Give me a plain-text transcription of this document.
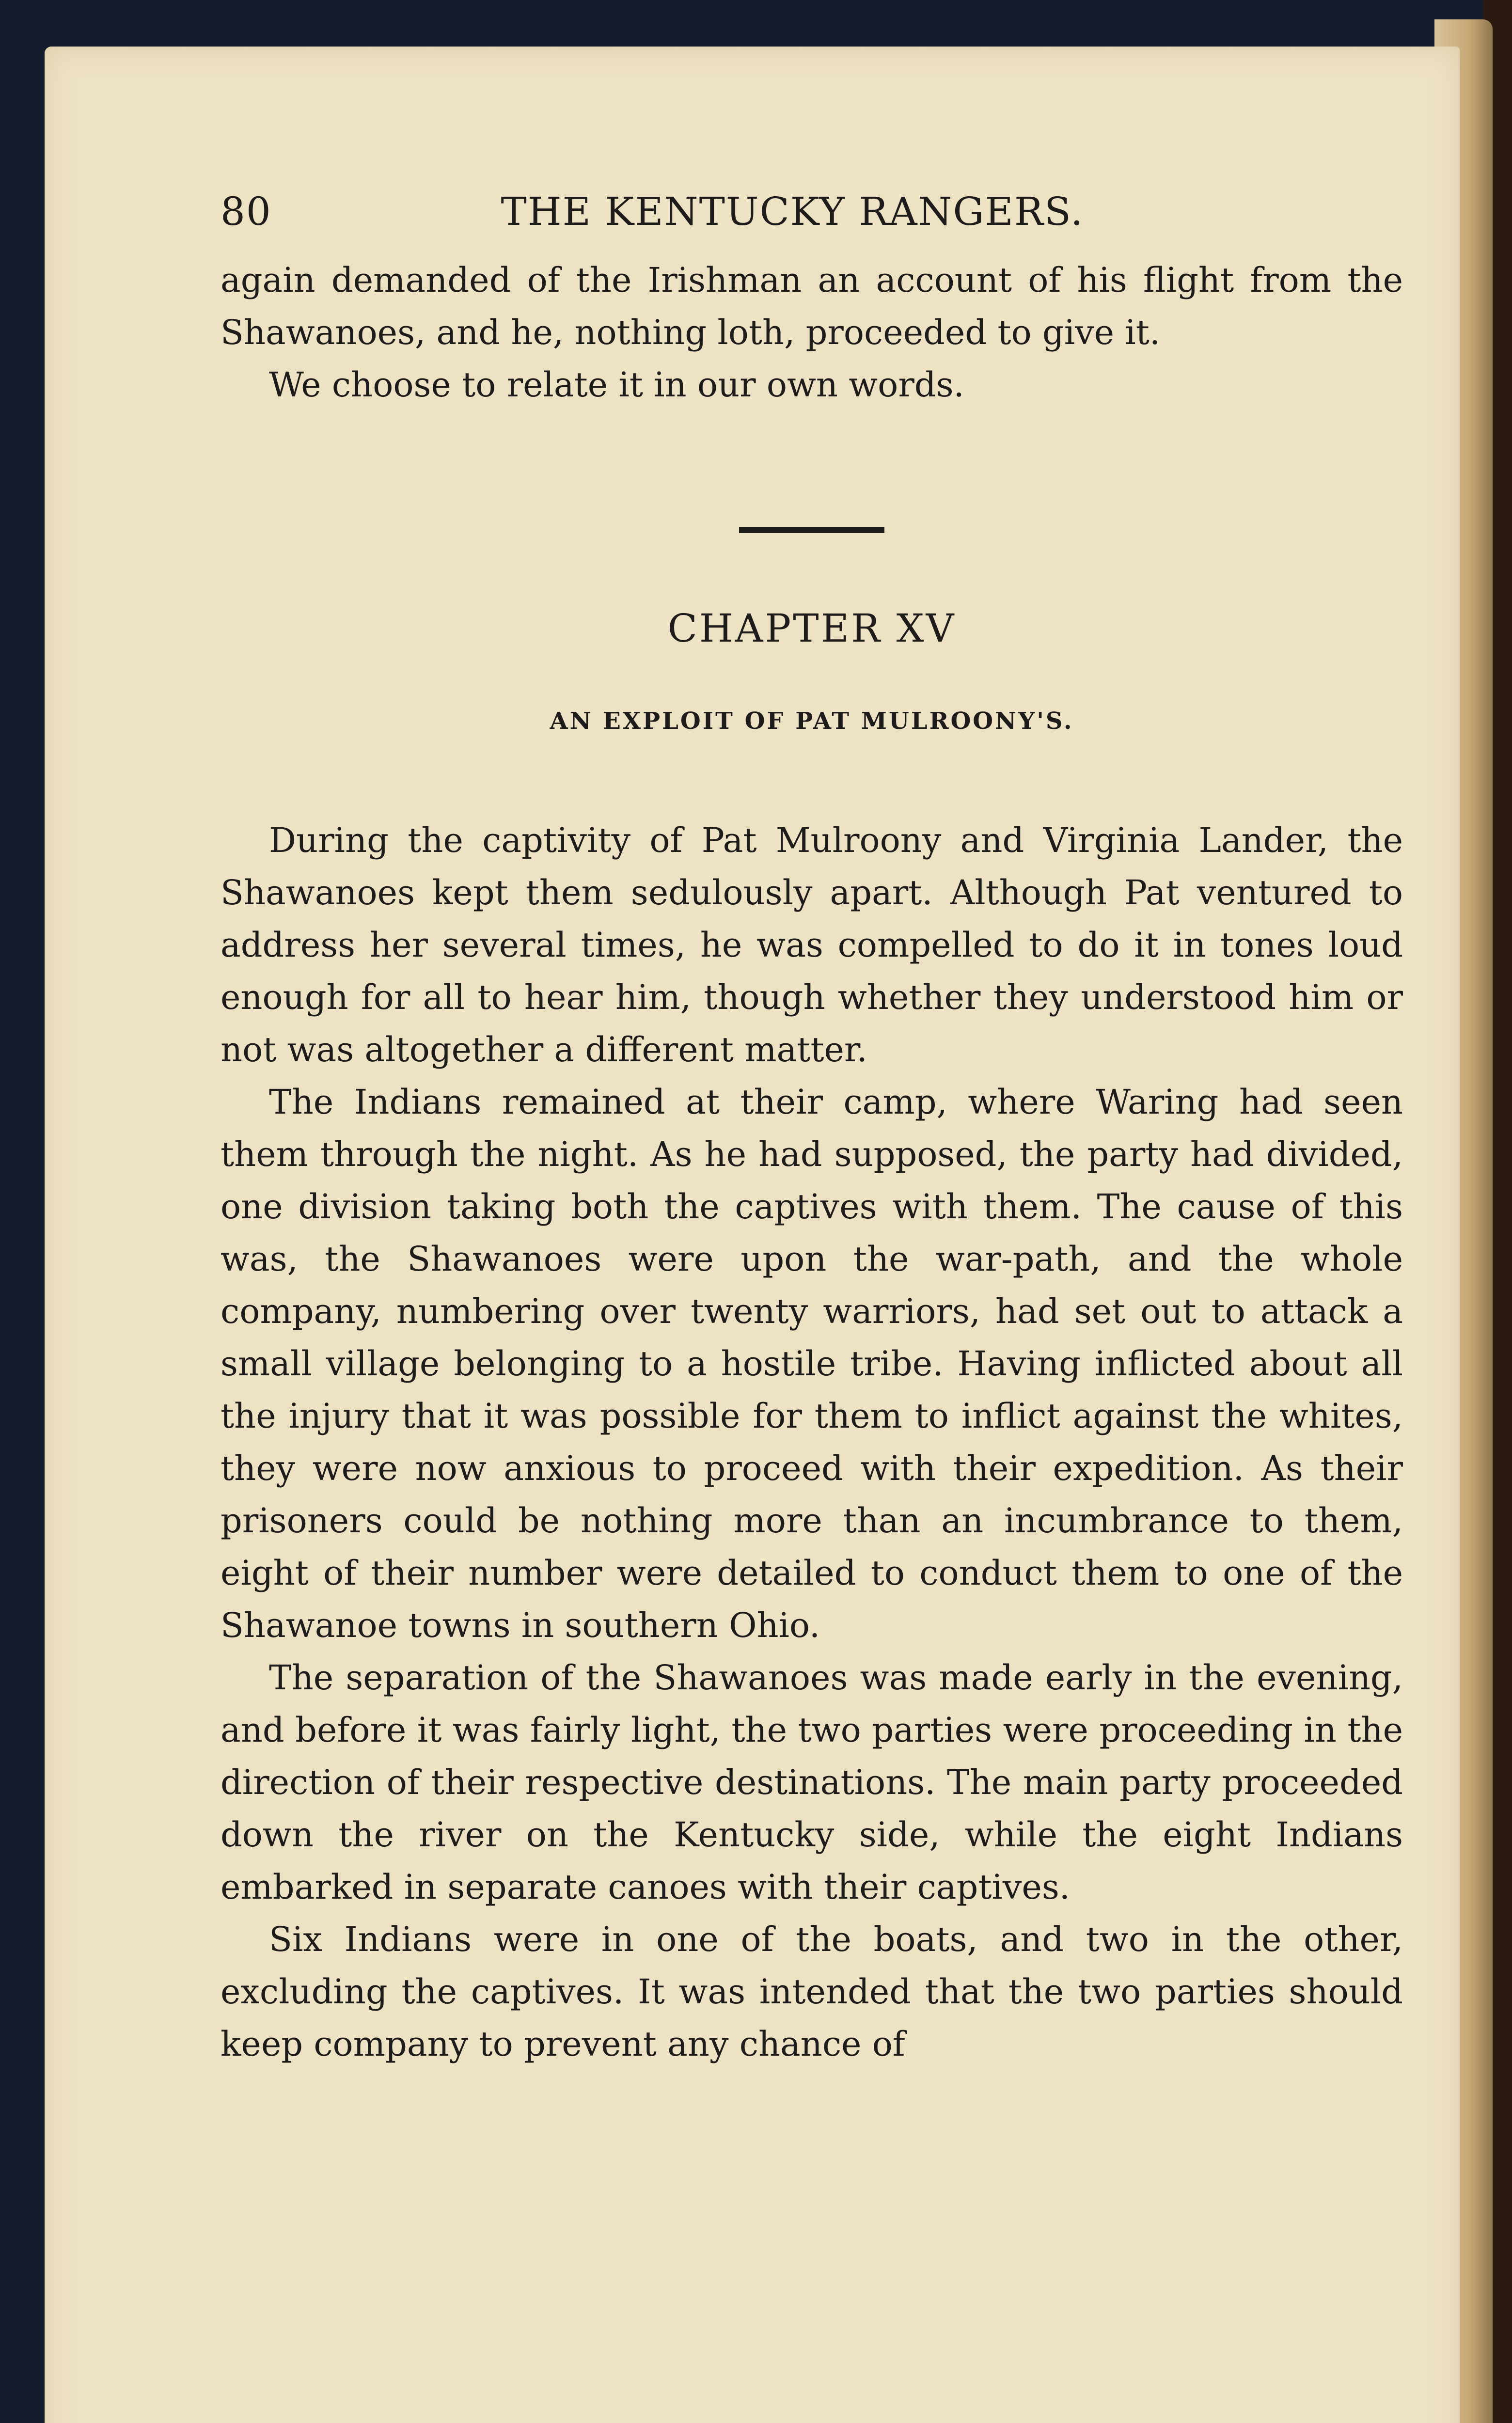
80	THE KENTUCKY RANGERS.

again demanded of the Irishman an account of his flight from the Shawanoes, and he, nothing loth, proceeded to give it.

We choose to relate it in our own words.

CHAPTER XV
AN EXPLOIT OF PAT MULROONY'S.

During the captivity of Pat Mulroony and Virginia Lander, the Shawanoes kept them sedulously apart. Although Pat ventured to address her several times, he was compelled to do it in tones loud enough for all to hear him, though whether they understood him or not was altogether a different matter.

The Indians remained at their camp, where Waring had seen them through the night. As he had supposed, the party had divided, one division taking both the captives with them. The cause of this was, the Shawanoes were upon the war-path, and the whole company, numbering over twenty warriors, had set out to attack a small village belonging to a hostile tribe. Having inflicted about all the injury that it was possible for them to inflict against the whites, they were now anxious to proceed with their expedition. As their prisoners could be nothing more than an incumbrance to them, eight of their number were detailed to conduct them to one of the Shawanoe towns in southern Ohio.

The separation of the Shawanoes was made early in the evening, and before it was fairly light, the two parties were proceeding in the direction of their respective destinations. The main party proceeded down the river on the Kentucky side, while the eight Indians embarked in separate canoes with their captives.

Six Indians were in one of the boats, and two in the other, excluding the captives. It was intended that the two parties should keep company to prevent any chance of
